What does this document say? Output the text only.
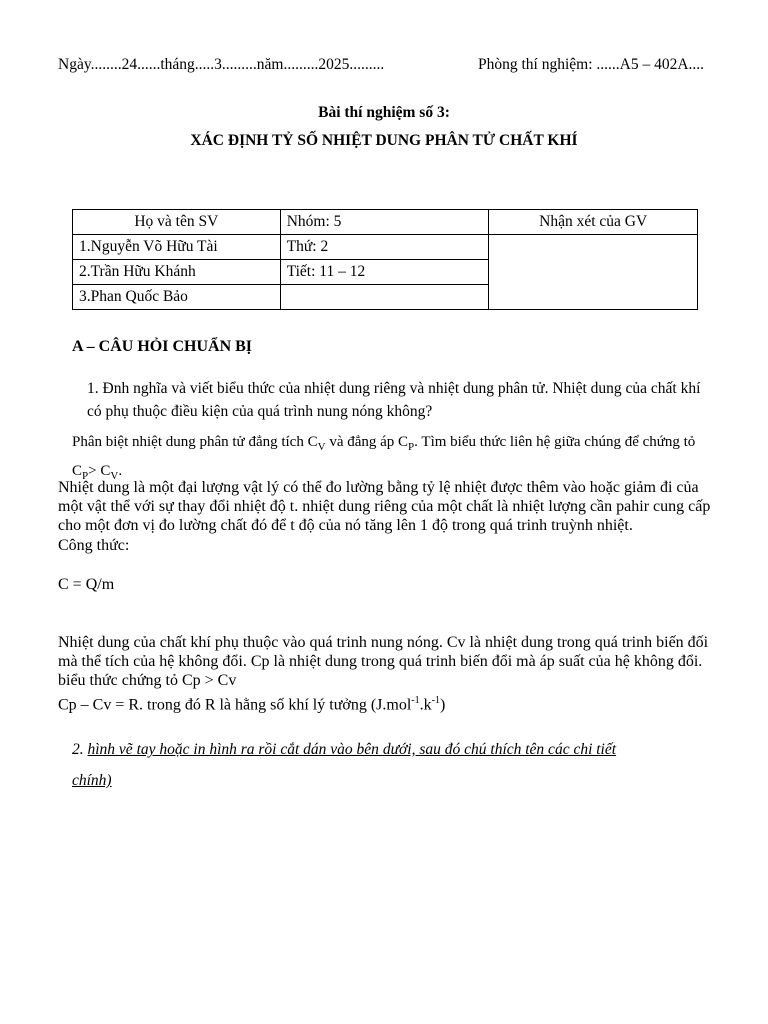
Ngày........24......tháng.....3.........năm.........2025.........	Phòng thí nghiệm: ......A5 – 402A....
Bài thí nghiệm số 3:
XÁC ĐỊNH TỶ SỐ NHIỆT DUNG PHÂN TỬ CHẤT KHÍ
Họ và tên SV	Nhóm: 5	Nhận xét của GV
1.Nguyễn Võ Hữu Tài	Thứ: 2	
2.Trần Hữu Khánh	Tiết: 11 – 12	
3.Phan Quốc Bảo		
A – CÂU HỎI CHUẨN BỊ
1. Đnh nghĩa và viết biểu thức của nhiệt dung riêng và nhiệt dung phân tử. Nhiệt dung của chất khí
có phụ thuộc điều kiện của quá trình nung nóng không?
Phân biệt nhiệt dung phân tử đẳng tích $C_V$ và đẳng áp $C_P$. Tìm biểu thức liên hệ giữa chúng để chứng tỏ
$C_P> C_V$.
Nhiệt dung là một đại lượng vật lý có thể đo lường bằng tỷ lệ nhiệt được thêm vào hoặc giảm đi của một vật thể với sự thay đổi nhiệt độ t. nhiệt dung riêng của một chất là nhiệt lượng cần pahir cung cấp cho một đơn vị đo lường chất đó để t độ của nó tăng lên 1 độ trong quá trinh truỳnh nhiệt.
Công thức:
C = Q/m
Nhiệt dung của chất khí phụ thuộc vào quá trinh nung nóng. Cv là nhiệt dung trong quá trinh biến đối mà thể tích của hệ không đổi. Cp là nhiệt dung trong quá trinh biến đổi mà áp suất của hệ không đổi. biểu thức chứng tỏ Cp > Cv
Cp – Cv = R. trong đó R là hằng số khí lý tưởng $(J.mol^{-1}.k^{-1})$
2. hình vẽ tay hoặc in hình ra rồi cắt dán vào bên dưới, sau đó chú thích tên các chi tiết
chính)
